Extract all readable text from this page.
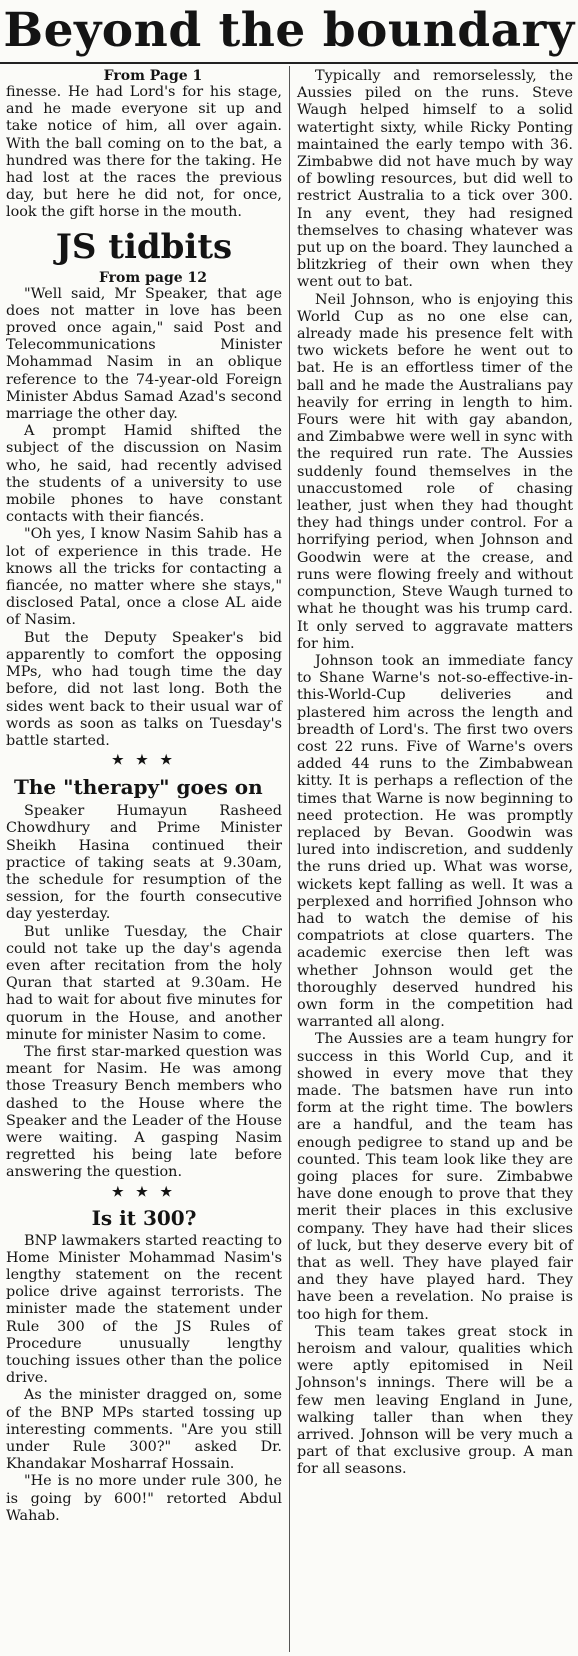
Beyond the boundary

From Page 1

finesse. He had Lord's for his stage, and he made everyone sit up and take notice of him, all over again. With the ball coming on to the bat, a hundred was there for the taking. He had lost at the races the previous day, but here he did not, for once, look the gift horse in the mouth.

JS tidbits

From page 12

"Well said, Mr Speaker, that age does not matter in love has been proved once again," said Post and Telecommunications Minister Mohammad Nasim in an oblique reference to the 74-year-old Foreign Minister Abdus Samad Azad's second marriage the other day.

A prompt Hamid shifted the subject of the discussion on Nasim who, he said, had recently advised the students of a university to use mobile phones to have constant contacts with their fiancés.

"Oh yes, I know Nasim Sahib has a lot of experience in this trade. He knows all the tricks for contacting a fiancée, no matter where she stays," disclosed Patal, once a close AL aide of Nasim.

But the Deputy Speaker's bid apparently to comfort the opposing MPs, who had tough time the day before, did not last long. Both the sides went back to their usual war of words as soon as talks on Tuesday's battle started.

★ ★ ★
The "therapy" goes on

Speaker Humayun Rasheed Chowdhury and Prime Minister Sheikh Hasina continued their practice of taking seats at 9.30am, the schedule for resumption of the session, for the fourth consecutive day yesterday.

But unlike Tuesday, the Chair could not take up the day's agenda even after recitation from the holy Quran that started at 9.30am. He had to wait for about five minutes for quorum in the House, and another minute for minister Nasim to come.

The first star-marked question was meant for Nasim. He was among those Treasury Bench members who dashed to the House where the Speaker and the Leader of the House were waiting. A gasping Nasim regretted his being late before answering the question.

★ ★ ★
Is it 300?

BNP lawmakers started reacting to Home Minister Mohammad Nasim's lengthy statement on the recent police drive against terrorists. The minister made the statement under Rule 300 of the JS Rules of Procedure unusually lengthy touching issues other than the police drive.

As the minister dragged on, some of the BNP MPs started tossing up interesting comments. "Are you still under Rule 300?" asked Dr. Khandakar Mosharraf Hossain.

"He is no more under rule 300, he is going by 600!" retorted Abdul Wahab.

Typically and remorselessly, the Aussies piled on the runs. Steve Waugh helped himself to a solid watertight sixty, while Ricky Ponting maintained the early tempo with 36. Zimbabwe did not have much by way of bowling resources, but did well to restrict Australia to a tick over 300. In any event, they had resigned themselves to chasing whatever was put up on the board. They launched a blitzkrieg of their own when they went out to bat.

Neil Johnson, who is enjoying this World Cup as no one else can, already made his presence felt with two wickets before he went out to bat. He is an effortless timer of the ball and he made the Australians pay heavily for erring in length to him. Fours were hit with gay abandon, and Zimbabwe were well in sync with the required run rate. The Aussies suddenly found themselves in the unaccustomed role of chasing leather, just when they had thought they had things under control. For a horrifying period, when Johnson and Goodwin were at the crease, and runs were flowing freely and without compunction, Steve Waugh turned to what he thought was his trump card. It only served to aggravate matters for him.

Johnson took an immediate fancy to Shane Warne's not-so-effective-in-this-World-Cup deliveries and plastered him across the length and breadth of Lord's. The first two overs cost 22 runs. Five of Warne's overs added 44 runs to the Zimbabwean kitty. It is perhaps a reflection of the times that Warne is now beginning to need protection. He was promptly replaced by Bevan. Goodwin was lured into indiscretion, and suddenly the runs dried up. What was worse, wickets kept falling as well. It was a perplexed and horrified Johnson who had to watch the demise of his compatriots at close quarters. The academic exercise then left was whether Johnson would get the thoroughly deserved hundred his own form in the competition had warranted all along.

The Aussies are a team hungry for success in this World Cup, and it showed in every move that they made. The batsmen have run into form at the right time. The bowlers are a handful, and the team has enough pedigree to stand up and be counted. This team look like they are going places for sure. Zimbabwe have done enough to prove that they merit their places in this exclusive company. They have had their slices of luck, but they deserve every bit of that as well. They have played fair and they have played hard. They have been a revelation. No praise is too high for them.

This team takes great stock in heroism and valour, qualities which were aptly epitomised in Neil Johnson's innings. There will be a few men leaving England in June, walking taller than when they arrived. Johnson will be very much a part of that exclusive group. A man for all seasons.
